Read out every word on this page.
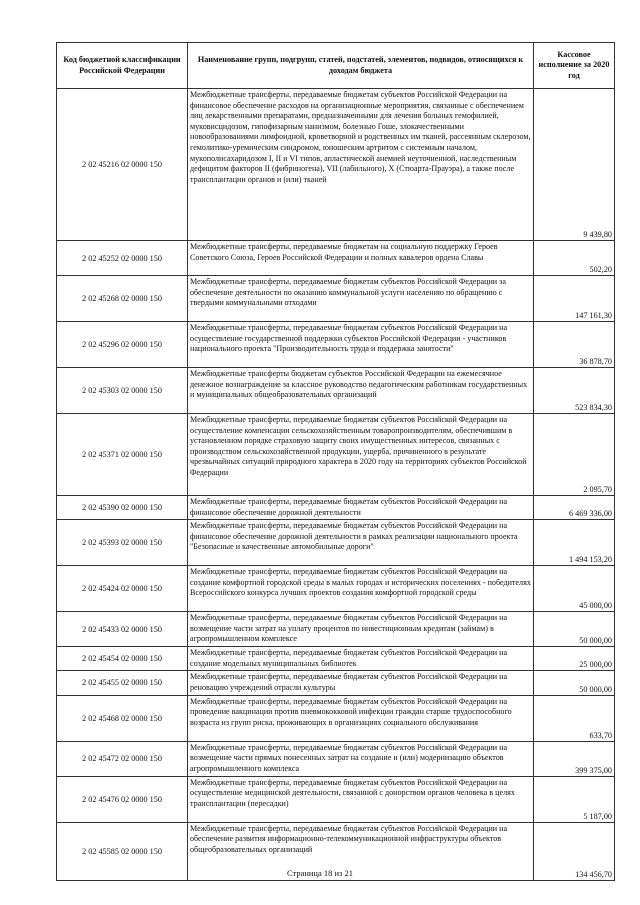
Код бюджетной классификации Российской Федерации	Наименование групп, подгрупп, статей, подстатей, элементов, подвидов, относящихся к доходам бюджета	Кассовое исполнение за 2020 год
2 02 45216 02 0000 150	Межбюджетные трансферты, передаваемые бюджетам субъектов Российской Федерации на финансовое обеспечение расходов на организационные мероприятия, связанные с обеспечением лиц лекарственными препаратами, предназначенными для лечения больных гемофилией, муковисцидозом, гипофизарным нанизмом, болезнью Гоше, злокачественными новообразованиями лимфоидной, кроветворной и родственных им тканей, рассеянным склерозом, гемолитико-уремическим синдромом, юношеским артритом с системным началом, мукополисахаридозом I, II и VI типов, апластической анемией неуточненной, наследственным дефицитом факторов II (фибриногена), VII (лабильного), X (Стюарта-Прауэра), а также после трансплантации органов и (или) тканей	9 439,80
2 02 45252 02 0000 150	Межбюджетные трансферты, передаваемые бюджетам на социальную поддержку Героев Советского Союза, Героев Российской Федерации и полных кавалеров ордена Славы	502,20
2 02 45268 02 0000 150	Межбюджетные трансферты, передаваемые бюджетам субъектов Российской Федерации за обеспечение деятельности по оказанию коммунальной услуги населению по обращению с твердыми коммунальными отходами	147 161,30
2 02 45296 02 0000 150	Межбюджетные трансферты, передаваемые бюджетам субъектов Российской Федерации на осуществление государственной поддержки субъектов Российской Федерации - участников национального проекта "Производительность труда и поддержка занятости"	36 878,70
2 02 45303 02 0000 150	Межбюджетные трансферты бюджетам субъектов Российской Федерации на ежемесячное денежное вознаграждение за классное руководство педагогическим работникам государственных и муниципальных общеобразовательных организаций	523 834,30
2 02 45371 02 0000 150	Межбюджетные трансферты, передаваемые бюджетам субъектов Российской Федерации на осуществление компенсации сельскохозяйственным товаропроизводителям, обеспечившим в установленном порядке страховую защиту своих имущественных интересов, связанных с производством сельскохозяйственной продукции, ущерба, причиненного в результате чрезвычайных ситуаций природного характера в 2020 году на территориях субъектов Российской Федерации	2 095,70
2 02 45390 02 0000 150	Межбюджетные трансферты, передаваемые бюджетам субъектов Российской Федерации на финансовое обеспечение дорожной деятельности	6 469 336,00
2 02 45393 02 0000 150	Межбюджетные трансферты, передаваемые бюджетам субъектов Российской Федерации на финансовое обеспечение дорожной деятельности в рамках реализации национального проекта "Безопасные и качественные автомобильные дороги"	1 494 153,20
2 02 45424 02 0000 150	Межбюджетные трансферты, передаваемые бюджетам субъектов Российской Федерации на создание комфортной городской среды в малых городах и исторических поселениях - победителях Всероссийского конкурса лучших проектов создания комфортной городской среды	45 000,00
2 02 45433 02 0000 150	Межбюджетные трансферты, передаваемые бюджетам субъектов Российской Федерации на возмещение части затрат на уплату процентов по инвестиционным кредитам (займам) в агропромышленном комплексе	50 000,00
2 02 45454 02 0000 150	Межбюджетные трансферты, передаваемые бюджетам субъектов Российской Федерации на создание модельных муниципальных библиотек	25 000,00
2 02 45455 02 0000 150	Межбюджетные трансферты, передаваемые бюджетам субъектов Российской Федерации на реновацию учреждений отрасли культуры	50 000,00
2 02 45468 02 0000 150	Межбюджетные трансферты, передаваемые бюджетам субъектов Российской Федерации на проведение вакцинации против пневмококковой инфекции граждан старше трудоспособного возраста из групп риска, проживающих в организациях социального обслуживания	633,70
2 02 45472 02 0000 150	Межбюджетные трансферты, передаваемые бюджетам субъектов Российской Федерации на возмещение части прямых понесенных затрат на создание и (или) модернизацию объектов агропромышленного комплекса	399 375,00
2 02 45476 02 0000 150	Межбюджетные трансферты, передаваемые бюджетам субъектов Российской Федерации на осуществление медицинской деятельности, связанной с донорством органов человека в целях трансплантации (пересадки)	5 187,00
2 02 45585 02 0000 150	Межбюджетные трансферты, передаваемые бюджетам субъектов Российской Федерации на обеспечение развития информационно-телекоммуникационной инфраструктуры объектов общеобразовательных организаций	134 456,70
Страница 18 из 21
